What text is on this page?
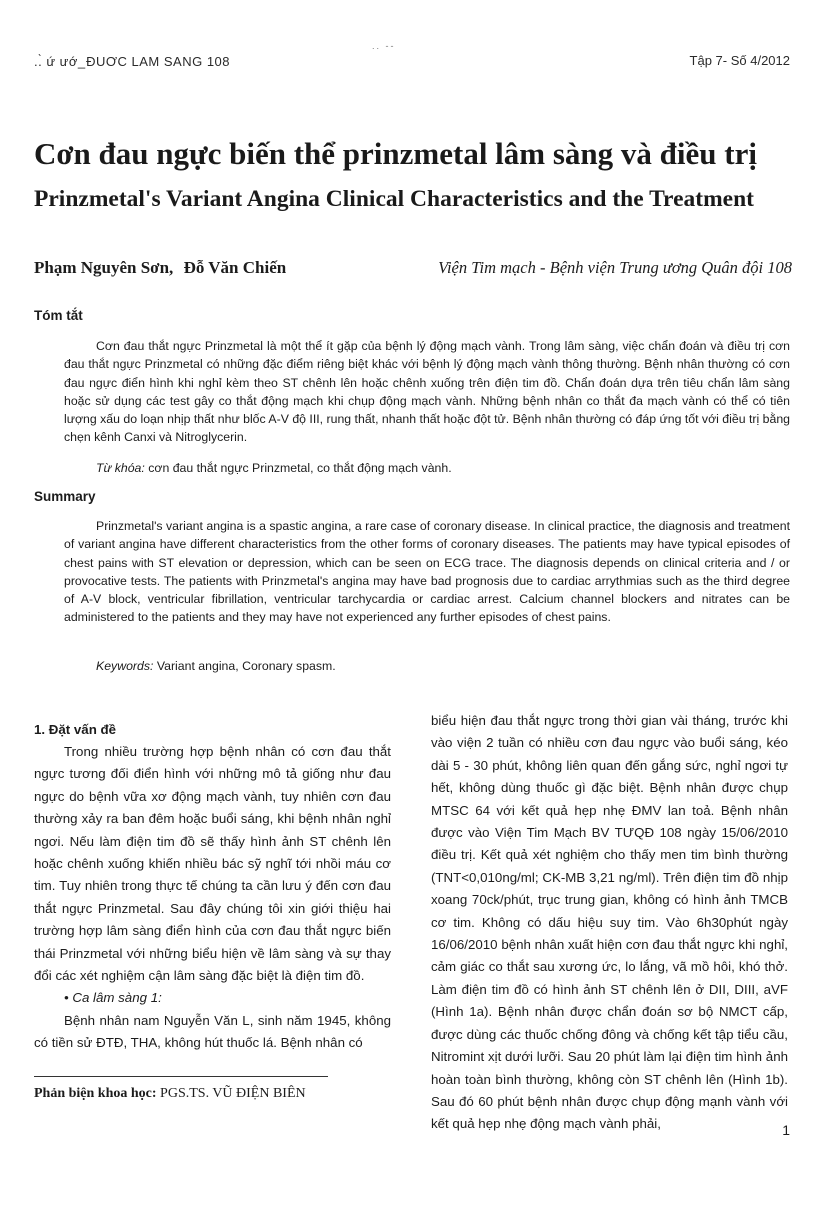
.. --
..̀ ứ ướ ̲ ĐUƠC LAM SANG 108	Tập 7- Số 4/2012
Cơn đau ngực biến thể prinzmetal lâm sàng và điều trị
Prinzmetal's Variant Angina Clinical Characteristics and the Treatment
Phạm Nguyên Sơn, Đỗ Văn Chiến	Viện Tim mạch - Bệnh viện Trung ương Quân đội 108
Tóm tắt
Cơn đau thắt ngực Prinzmetal là một thể ít gặp của bệnh lý động mạch vành. Trong lâm sàng, việc chẩn đoán và điều trị cơn đau thắt ngực Prinzmetal có những đặc điểm riêng biệt khác với bệnh lý động mạch vành thông thường. Bệnh nhân thường có cơn đau ngực điển hình khi nghỉ kèm theo ST chênh lên hoặc chênh xuống trên điện tim đồ. Chẩn đoán dựa trên tiêu chẩn lâm sàng hoặc sử dụng các test gây co thắt động mạch khi chụp động mạch vành. Những bệnh nhân co thắt đa mạch vành có thể có tiên lượng xấu do loạn nhịp thất như blốc A-V độ III, rung thất, nhanh thất hoặc đột tử. Bệnh nhân thường có đáp ứng tốt với điều trị bằng chẹn kênh Canxi và Nitroglycerin.
Từ khóa: cơn đau thắt ngực Prinzmetal, co thắt động mạch vành.
Summary
Prinzmetal's variant angina is a spastic angina, a rare case of coronary disease. In clinical practice, the diagnosis and treatment of variant angina have different characteristics from the other forms of coronary diseases. The patients may have typical episodes of chest pains with ST elevation or depression, which can be seen on ECG trace. The diagnosis depends on clinical criteria and / or provocative tests. The patients with Prinzmetal's angina may have bad prognosis due to cardiac arrythmias such as the third degree of A-V block, ventricular fibrillation, ventricular tarchycardia or cardiac arrest. Calcium channel blockers and nitrates can be administered to the patients and they may have not experienced any further episodes of chest pains.
Keywords: Variant angina, Coronary spasm.
1. Đặt vấn đề

Trong nhiều trường hợp bệnh nhân có cơn đau thắt ngực tương đối điển hình với những mô tả giống như đau ngực do bệnh vữa xơ động mạch vành, tuy nhiên cơn đau thường xảy ra ban đêm hoặc buổi sáng, khi bệnh nhân nghỉ ngơi. Nếu làm điện tim đồ sẽ thấy hình ảnh ST chênh lên hoặc chênh xuống khiến nhiều bác sỹ nghĩ tới nhồi máu cơ tim. Tuy nhiên trong thực tế chúng ta cần lưu ý đến cơn đau thắt ngực Prinzmetal. Sau đây chúng tôi xin giới thiệu hai trường hợp lâm sàng điển hình của cơn đau thắt ngực biến thái Prinzmetal với những biểu hiện về lâm sàng và sự thay đổi các xét nghiệm cận lâm sàng đặc biệt là điện tim đồ.

• Ca lâm sàng 1:

Bệnh nhân nam Nguyễn Văn L, sinh năm 1945, không có tiền sử ĐTĐ, THA, không hút thuốc lá. Bệnh nhân có

biểu hiện đau thắt ngực trong thời gian vài tháng, trước khi vào viện 2 tuần có nhiều cơn đau ngực vào buổi sáng, kéo dài 5 - 30 phút, không liên quan đến gắng sức, nghỉ ngơi tự hết, không dùng thuốc gì đặc biệt. Bệnh nhân được chụp MTSC 64 với kết quả hẹp nhẹ ĐMV lan toả. Bệnh nhân được vào Viện Tim Mạch BV TƯQĐ 108 ngày 15/06/2010 điều trị. Kết quả xét nghiệm cho thấy men tim bình thường (TNT<0,010ng/ml; CK-MB 3,21 ng/ml). Trên điện tim đồ nhịp xoang 70ck/phút, trục trung gian, không có hình ảnh TMCB cơ tim. Không có dấu hiệu suy tim. Vào 6h30phút ngày 16/06/2010 bệnh nhân xuất hiện cơn đau thắt ngực khi nghỉ, cảm giác co thắt sau xương ức, lo lắng, vã mồ hôi, khó thở. Làm điện tim đồ có hình ảnh ST chênh lên ở DII, DIII, aVF (Hình 1a). Bệnh nhân được chẩn đoán sơ bộ NMCT cấp, được dùng các thuốc chống đông và chống kết tập tiểu cầu, Nitromint xịt dưới lưỡi. Sau 20 phút làm lại điện tim hình ảnh hoàn toàn bình thường, không còn ST chênh lên (Hình 1b). Sau đó 60 phút bệnh nhân được chụp động mạnh vành với kết quả hẹp nhẹ động mạch vành phải,

Phản biện khoa học: PGS.TS. VŨ ĐIỆN BIÊN
1
